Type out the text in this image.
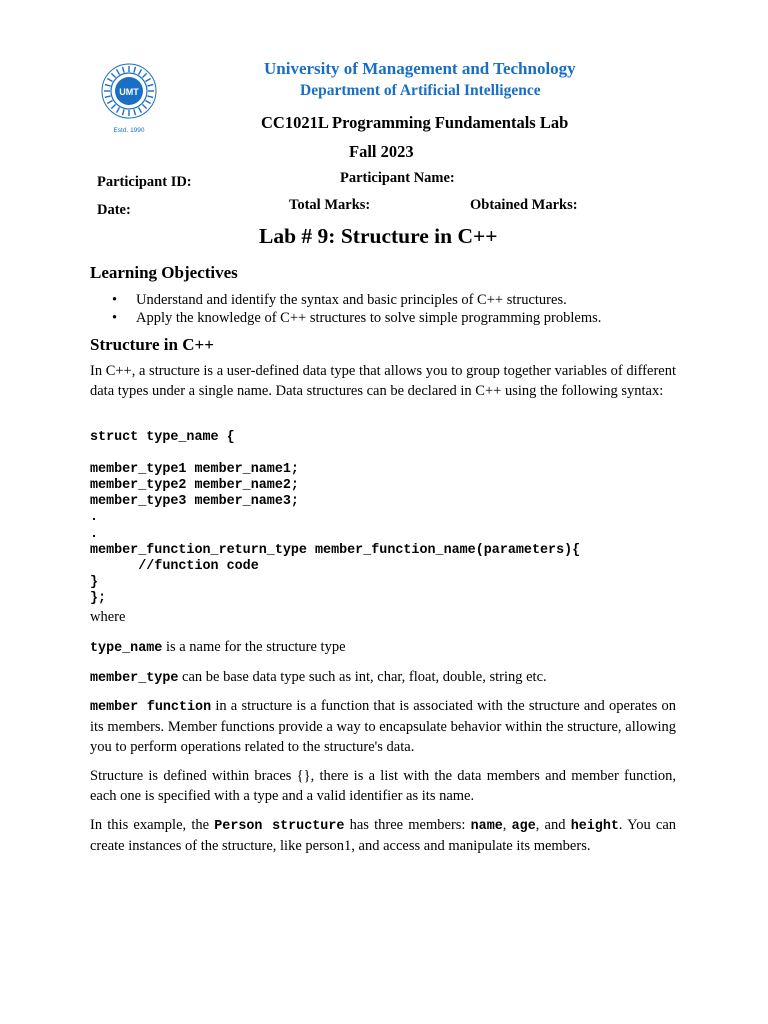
UMT
Estd. 1990
University of Management and Technology
Department of Artificial Intelligence
CC1021L Programming Fundamentals Lab
Fall 2023
Participant ID:	Participant Name:
Date:	Total Marks:	Obtained Marks:
Lab # 9: Structure in C++
Learning Objectives
• Understand and identify the syntax and basic principles of C++ structures.
• Apply the knowledge of C++ structures to solve simple programming problems.
Structure in C++
In C++, a structure is a user-defined data type that allows you to group together variables of different data types under a single name. Data structures can be declared in C++ using the following syntax:
struct type_name {

member_type1 member_name1;
member_type2 member_name2;
member_type3 member_name3;
.
.
member_function_return_type member_function_name(parameters){
//function code
}
};
where
type_name is a name for the structure type
member_type can be base data type such as int, char, float, double, string etc.
member function in a structure is a function that is associated with the structure and operates on its members. Member functions provide a way to encapsulate behavior within the structure, allowing you to perform operations related to the structure's data.
Structure is defined within braces {}, there is a list with the data members and member function, each one is specified with a type and a valid identifier as its name.
In this example, the Person structure has three members: name, age, and height. You can create instances of the structure, like person1, and access and manipulate its members.
